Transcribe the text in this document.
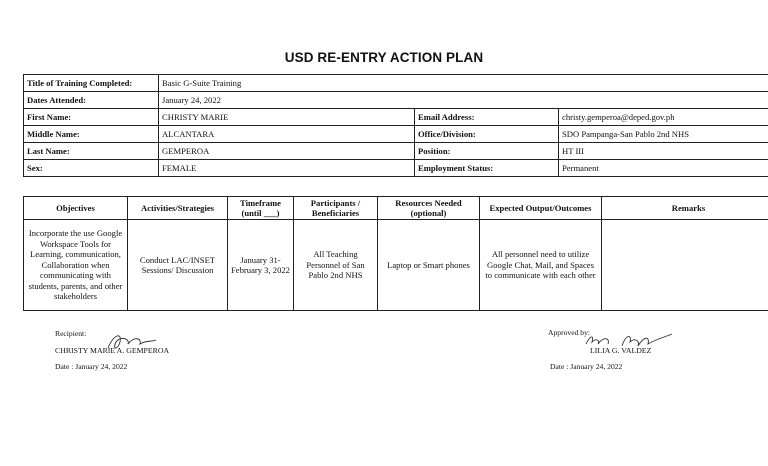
USD RE-ENTRY ACTION PLAN
Title of Training Completed:	Basic G-Suite Training		
Dates Attended:	January 24, 2022		
First Name:	CHRISTY MARIE	Email Address:	christy.gemperoa@deped.gov.ph
Middle Name:	ALCANTARA	Office/Division:	SDO Pampanga-San Pablo 2nd NHS
Last Name:	GEMPEROA	Position:	HT III
Sex:	FEMALE	Employment Status:	Permanent
Objectives	Activities/Strategies	Timeframe (until ___)	Participants / Beneficiaries	Resources Needed (optional)	Expected Output/Outcomes	Remarks
Incorporate the use Google Workspace Tools for Learning, communication, Collaboration when communicating with students, parents, and other stakeholders	Conduct LAC/INSET Sessions/ Discussion	January 31- February 3, 2022	All Teaching Personnel of San Pablo 2nd NHS	Laptop or Smart phones	All personnel need to utilize Google Chat, Mail, and Spaces to communicate with each other	
Recipient:
CHRISTY MARIE A. GEMPEROA
Date : January 24, 2022
Approved by:
LILIA G. VALDEZ
Date : January 24, 2022
